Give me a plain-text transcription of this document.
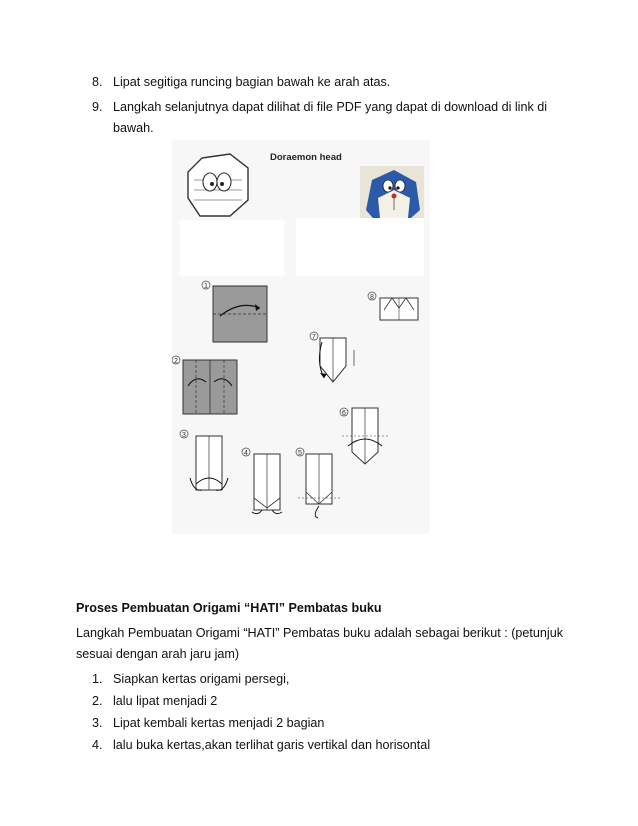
8. Lipat segitiga runcing bagian bawah ke arah atas.
9. Langkah selanjutnya dapat dilihat di file PDF yang dapat di download di link di
bawah.
Doraemon head
1
2
3
4	5
6
7
8
Proses Pembuatan Origami “HATI” Pembatas buku
Langkah Pembuatan Origami “HATI” Pembatas buku adalah sebagai berikut : (petunjuk
sesuai dengan arah jaru jam)
1. Siapkan kertas origami persegi,
2. lalu lipat menjadi 2
3. Lipat kembali kertas menjadi 2 bagian
4. lalu buka kertas,akan terlihat garis vertikal dan horisontal
